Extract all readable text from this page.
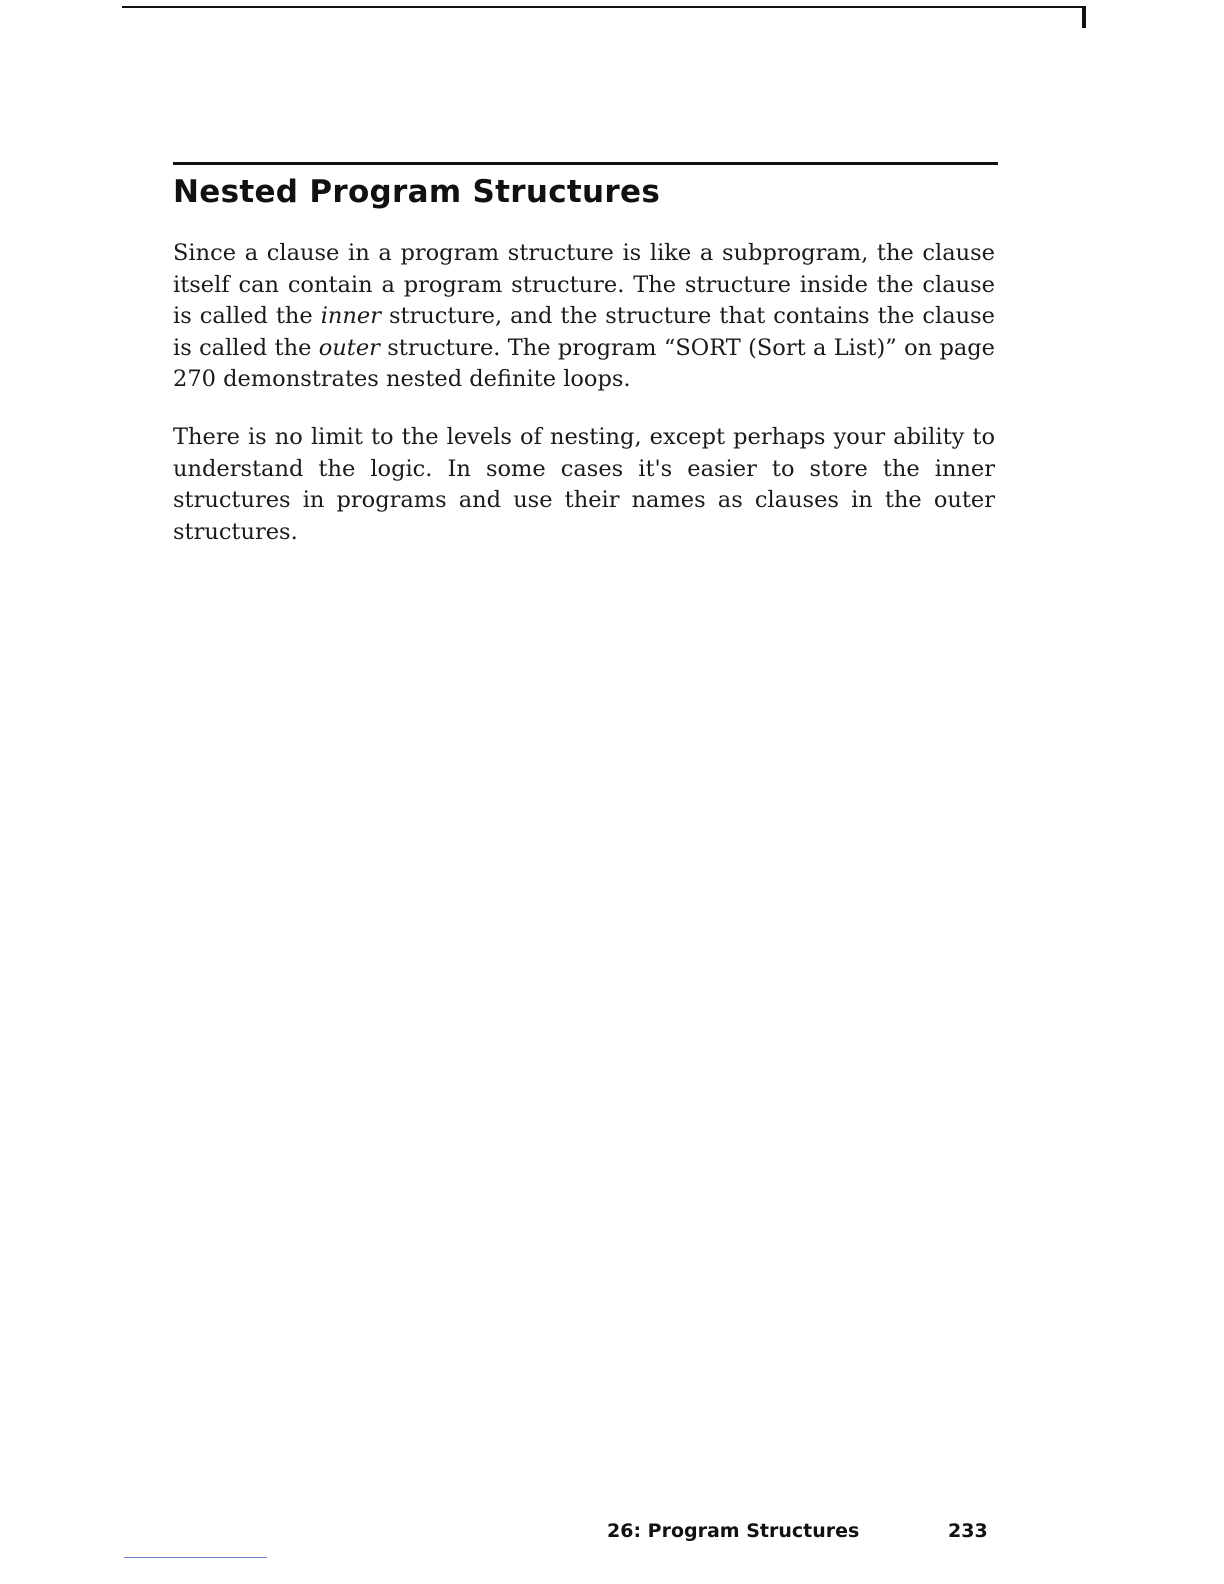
Nested Program Structures

Since a clause in a program structure is like a subprogram, the clause itself can contain a program structure. The structure inside the clause is called the inner structure, and the structure that contains the clause is called the outer structure. The program “SORT (Sort a List)” on page 270 demonstrates nested definite loops.

There is no limit to the levels of nesting, except perhaps your ability to understand the logic. In some cases it's easier to store the inner structures in programs and use their names as clauses in the outer structures.

26: Program Structures	233
